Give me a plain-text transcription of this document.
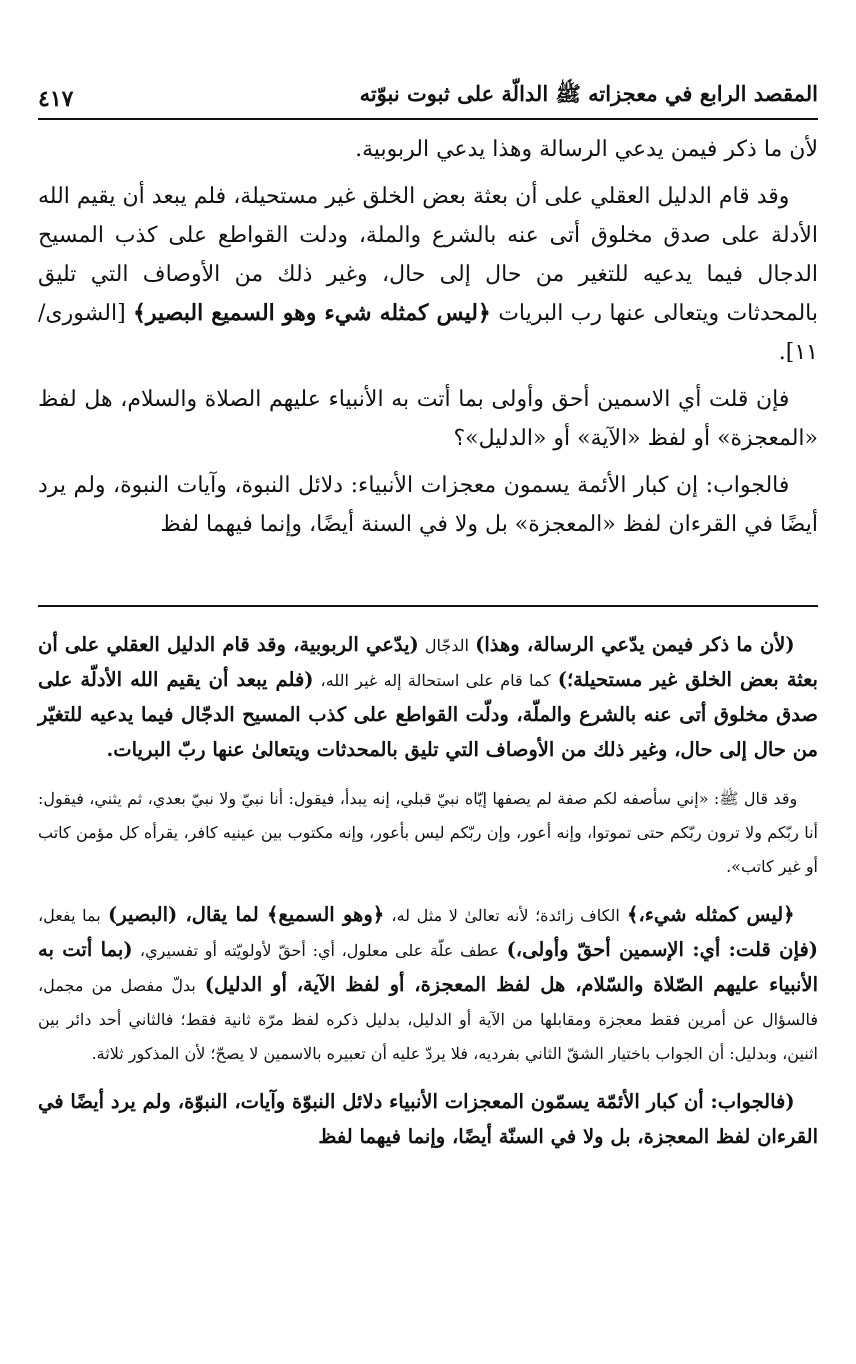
المقصد الرابع في معجزاته ﷺ الدالّة على ثبوت نبوّته
٤١٧

لأن ما ذكر فيمن يدعي الرسالة وهذا يدعي الربوبية.

وقد قام الدليل العقلي على أن بعثة بعض الخلق غير مستحيلة، فلم يبعد أن يقيم الله الأدلة على صدق مخلوق أتى عنه بالشرع والملة، ودلت القواطع على كذب المسيح الدجال فيما يدعيه للتغير من حال إلى حال، وغير ذلك من الأوصاف التي تليق بالمحدثات ويتعالى عنها رب البريات ﴿ليس كمثله شيء وهو السميع البصير﴾ [الشورى/١١].

فإن قلت أي الاسمين أحق وأولى بما أتت به الأنبياء عليهم الصلاة والسلام، هل لفظ «المعجزة» أو لفظ «الآية» أو «الدليل»؟

فالجواب: إن كبار الأئمة يسمون معجزات الأنبياء: دلائل النبوة، وآيات النبوة، ولم يرد أيضًا في القرءان لفظ «المعجزة» بل ولا في السنة أيضًا، وإنما فيهما لفظ

(لأن ما ذكر فيمن يدّعي الرسالة، وهذا) الدجّال (يدّعي الربوبية، وقد قام الدليل العقلي على أن بعثة بعض الخلق غير مستحيلة؛) كما قام على استحالة إله غير الله، (فلم يبعد أن يقيم الله الأدلّة على صدق مخلوق أتى عنه بالشرع والملّة، ودلّت القواطع على كذب المسيح الدجّال فيما يدعيه للتغيّر من حال إلى حال، وغير ذلك من الأوصاف التي تليق بالمحدثات ويتعالىٰ عنها ربّ البريات.

وقد قال ﷺ: «إني سأصفه لكم صفة لم يصفها إيّاه نبيّ قبلي، إنه يبدأ، فيقول: أنا نبيّ ولا نبيّ بعدي، ثم يثني، فيقول: أنا ربّكم ولا ترون ربّكم حتى تموتوا، وإنه أعور، وإن ربّكم ليس بأعور، وإنه مكتوب بين عينيه كافر، يقرأه كل مؤمن كاتب أو غير كاتب».

﴿ليس كمثله شيء،﴾ الكاف زائدة؛ لأنه تعالىٰ لا مثل له، ﴿وهو السميع﴾ لما يقال، (البصير) بما يفعل، (فإن قلت: أي: الإسمين أحقّ وأولى،) عطف علّة على معلول، أي: أحقّ لأولويّته أو تفسيري، (بما أتت به الأنبياء عليهم الصّلاة والسّلام، هل لفظ المعجزة، أو لفظ الآية، أو الدليل) بدلّ مفصل من مجمل، فالسؤال عن أمرين فقط معجزة ومقابلها من الآية أو الدليل، بدليل ذكره لفظ مرّة ثانية فقط؛ فالثاني أحد دائر بين اثنين، وبدليل: أن الجواب باختيار الشقّ الثاني بفرديه، فلا يردّ عليه أن تعبيره بالاسمين لا يصحّ؛ لأن المذكور ثلاثة.

(فالجواب: أن كبار الأئمّة يسمّون المعجزات الأنبياء دلائل النبوّة وآيات، النبوّة، ولم يرد أيضًا في القرءان لفظ المعجزة، بل ولا في السنّة أيضًا، وإنما فيهما لفظ
